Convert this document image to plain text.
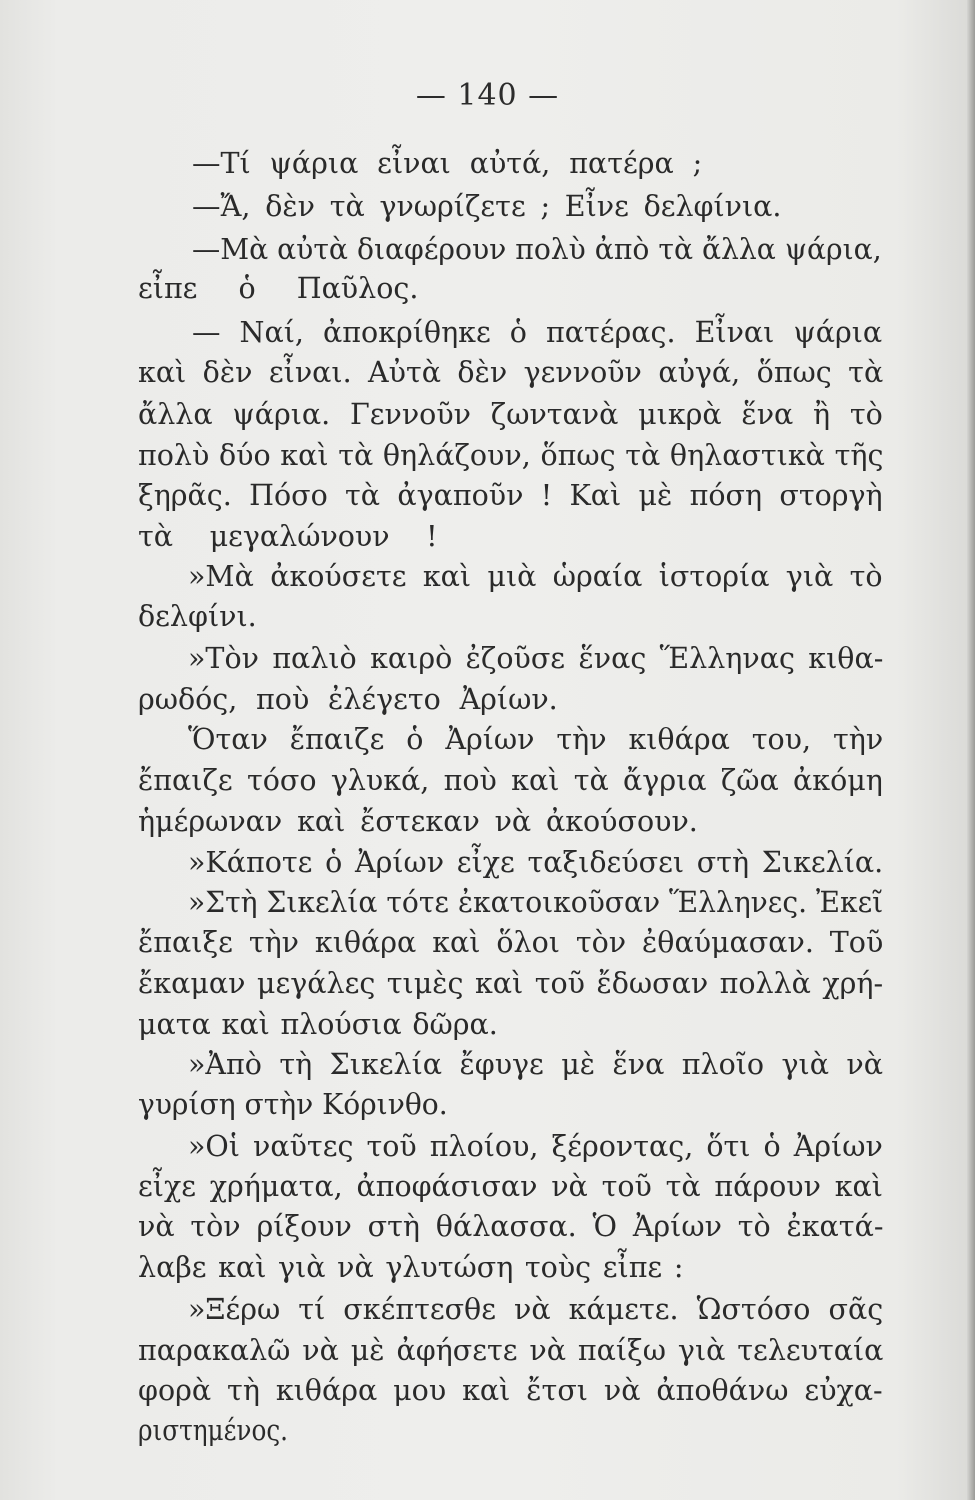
— 140 —
—Τί ψάρια εἶναι αὐτά, πατέρα ;
—Ἄ, δὲν τὰ γνωρίζετε ; Εἶνε δελφίνια.
—Μὰ αὐτὰ διαφέρουν πολὺ ἀπὸ τὰ ἄλλα ψάρια,
εἶπε ὁ Παῦλος.
— Ναί, ἀποκρίθηκε ὁ πατέρας. Εἶναι ψάρια
καὶ δὲν εἶναι. Αὐτὰ δὲν γεννοῦν αὐγά, ὅπως τὰ
ἄλλα ψάρια. Γεννοῦν ζωντανὰ μικρὰ ἕνα ἢ τὸ
πολὺ δύο καὶ τὰ θηλάζουν, ὅπως τὰ θηλαστικὰ τῆς
ξηρᾶς. Πόσο τὰ ἀγαποῦν ! Καὶ μὲ πόση στοργὴ
τὰ μεγαλώνουν !
»Μὰ ἀκούσετε καὶ μιὰ ὡραία ἱστορία γιὰ τὸ
δελφίνι.
»Τὸν παλιὸ καιρὸ ἐζοῦσε ἕνας Ἕλληνας κιθα-
ρωδός, ποὺ ἐλέγετο Ἀρίων.
Ὅταν ἔπαιζε ὁ Ἀρίων τὴν κιθάρα του, τὴν
ἔπαιζε τόσο γλυκά, ποὺ καὶ τὰ ἄγρια ζῶα ἀκόμη
ἡμέρωναν καὶ ἔστεκαν νὰ ἀκούσουν.
»Κάποτε ὁ Ἀρίων εἶχε ταξιδεύσει στὴ Σικελία.
»Στὴ Σικελία τότε ἐκατοικοῦσαν Ἕλληνες. Ἐκεῖ
ἔπαιξε τὴν κιθάρα καὶ ὅλοι τὸν ἐθαύμασαν. Τοῦ
ἔκαμαν μεγάλες τιμὲς καὶ τοῦ ἔδωσαν πολλὰ χρή-
ματα καὶ πλούσια δῶρα.
»Ἀπὸ τὴ Σικελία ἔφυγε μὲ ἕνα πλοῖο γιὰ νὰ
γυρίση στὴν Κόρινθο.
»Οἱ ναῦτες τοῦ πλοίου, ξέροντας, ὅτι ὁ Ἀρίων
εἶχε χρήματα, ἀποφάσισαν νὰ τοῦ τὰ πάρουν καὶ
νὰ τὸν ρίξουν στὴ θάλασσα. Ὁ Ἀρίων τὸ ἐκατά-
λαβε καὶ γιὰ νὰ γλυτώση τοὺς εἶπε :
»Ξέρω τί σκέπτεσθε νὰ κάμετε. Ὡστόσο σᾶς
παρακαλῶ νὰ μὲ ἀφήσετε νὰ παίξω γιὰ τελευταία
φορὰ τὴ κιθάρα μου καὶ ἔτσι νὰ ἀποθάνω εὐχα-
ριστημένος.
